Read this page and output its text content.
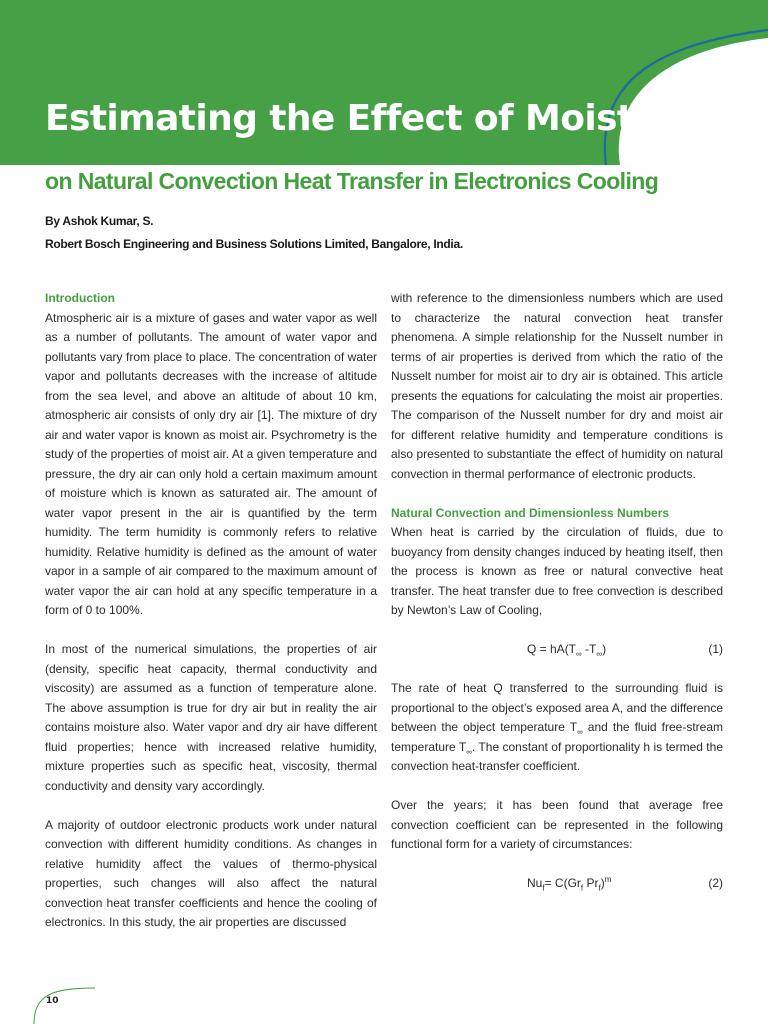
Estimating the Effect of Moist Air
on Natural Convection Heat Transfer in Electronics Cooling
By Ashok Kumar, S.
Robert Bosch Engineering and Business Solutions Limited, Bangalore, India.
Introduction

Atmospheric air is a mixture of gases and water vapor as well as a number of pollutants. The amount of water vapor and pollutants vary from place to place. The concentration of water vapor and pollutants decreases with the increase of altitude from the sea level, and above an altitude of about 10 km, atmospheric air consists of only dry air [1]. The mixture of dry air and water vapor is known as moist air. Psychrometry is the study of the properties of moist air. At a given temperature and pressure, the dry air can only hold a certain maximum amount of moisture which is known as saturated air. The amount of water vapor present in the air is quantified by the term humidity. The term humidity is commonly refers to relative humidity. Relative humidity is defined as the amount of water vapor in a sample of air compared to the maximum amount of water vapor the air can hold at any specific temperature in a form of 0 to 100%.

In most of the numerical simulations, the properties of air (density, specific heat capacity, thermal conductivity and viscosity) are assumed as a function of temperature alone. The above assumption is true for dry air but in reality the air contains moisture also. Water vapor and dry air have different fluid properties; hence with increased relative humidity, mixture properties such as specific heat, viscosity, thermal conductivity and density vary accordingly.

A majority of outdoor electronic products work under natural convection with different humidity conditions. As changes in relative humidity affect the values of thermo-physical properties, such changes will also affect the natural convection heat transfer coefficients and hence the cooling of electronics. In this study, the air properties are discussed

with reference to the dimensionless numbers which are used to characterize the natural convection heat transfer phenomena. A simple relationship for the Nusselt number in terms of air properties is derived from which the ratio of the Nusselt number for moist air to dry air is obtained. This article presents the equations for calculating the moist air properties. The comparison of the Nusselt number for dry and moist air for different relative humidity and temperature conditions is also presented to substantiate the effect of humidity on natural convection in thermal performance of electronic products.

Natural Convection and Dimensionless Numbers

When heat is carried by the circulation of fluids, due to buoyancy from density changes induced by heating itself, then the process is known as free or natural convective heat transfer. The heat transfer due to free convection is described by Newton’s Law of Cooling,

$Q = hA(T_\infty$ $-T_\infty$)	(1)

The rate of heat Q transferred to the surrounding fluid is proportional to the object’s exposed area A, and the difference between the object temperature $T_\infty$ and the fluid free-stream temperature $T_\infty$. The constant of proportionality h is termed the convection heat-transfer coefficient.

Over the years; it has been found that average free convection coefficient can be represented in the following functional form for a variety of circumstances:

$Nu_f= C(Gr_f$ $Pr_f)^m$	(2)
10
